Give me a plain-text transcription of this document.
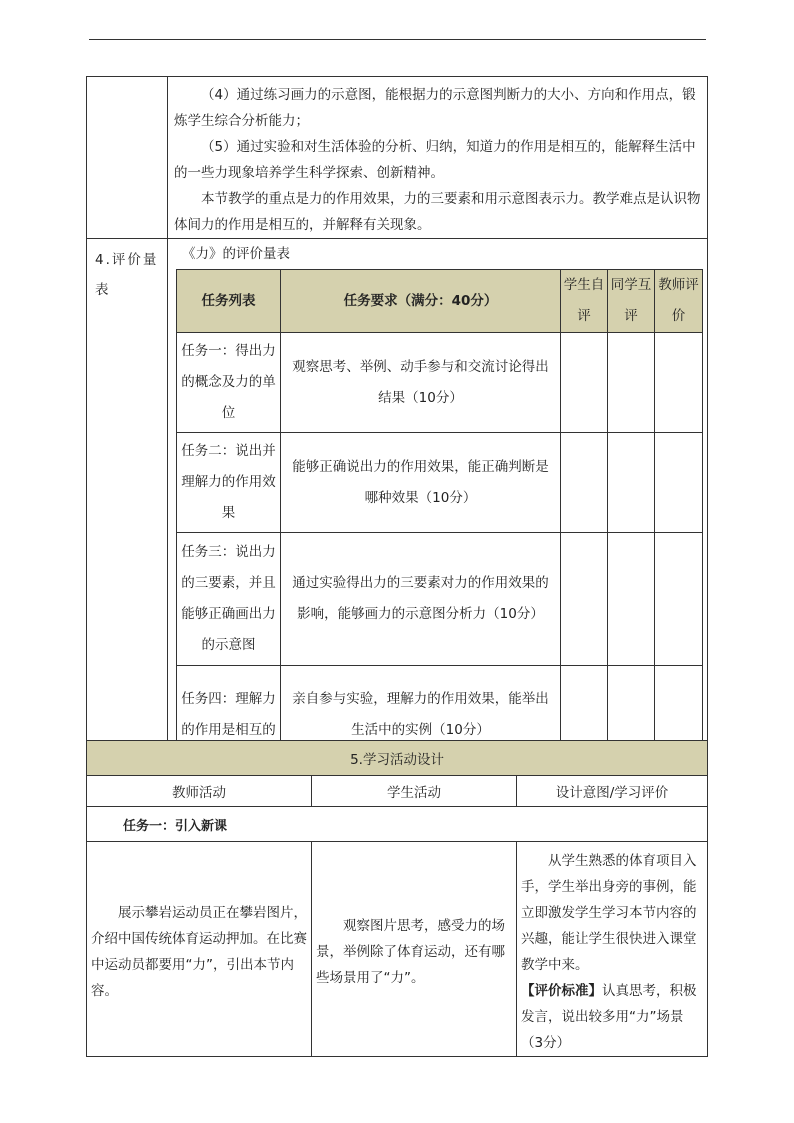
（4）通过练习画力的示意图，能根据力的示意图判断力的大小、方向和作用点，锻炼学生综合分析能力；

（5）通过实验和对生活体验的分析、归纳，知道力的作用是相互的，能解释生活中的一些力现象培养学生科学探索、创新精神。

本节教学的重点是力的作用效果，力的三要素和用示意图表示力。教学难点是认识物体间力的作用是相互的，并解释有关现象。

4.评价量表

《力》的评价量表
任务列表	任务要求（满分：40分）	学生自评	同学互评	教师评价
任务一：得出力的概念及力的单位	观察思考、举例、动手参与和交流讨论得出结果（10分）			
任务二：说出并理解力的作用效果	能够正确说出力的作用效果，能正确判断是哪种效果（10分）			
任务三：说出力的三要素，并且能够正确画出力的示意图	通过实验得出力的三要素对力的作用效果的影响，能够画力的示意图分析力（10分）			
任务四：理解力的作用是相互的	亲自参与实验，理解力的作用效果，能举出生活中的实例（10分）			
5.学习活动设计		
教师活动	学生活动	设计意图/学习评价
任务一：引入新课		

展示攀岩运动员正在攀岩图片，介绍中国传统体育运动押加。在比赛中运动员都要用“力”，引出本节内容。	观察图片思考，感受力的场景，举例除了体育运动，还有哪些场景用了“力”。	从学生熟悉的体育项目入手，学生举出身旁的事例，能立即激发学生学习本节内容的兴趣，能让学生很快进入课堂教学中来。

【评价标准】认真思考，积极发言，说出较多用“力”场景（3分）
